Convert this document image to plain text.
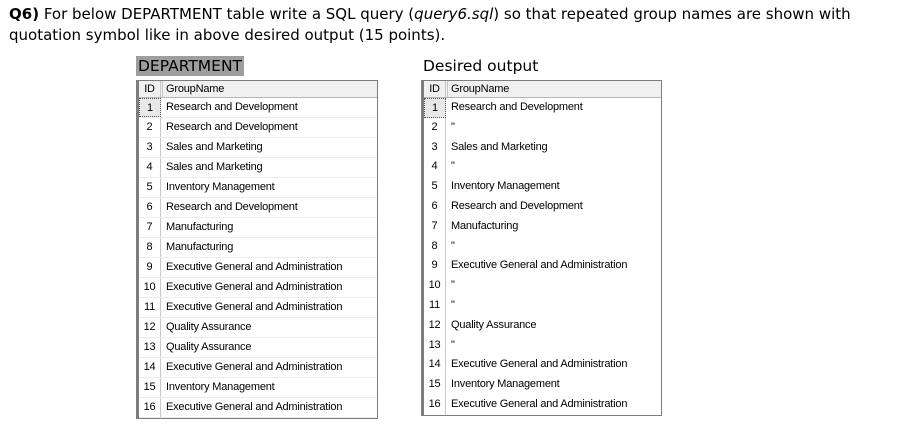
Q6) For below DEPARTMENT table write a SQL query (query6.sql) so that repeated group names are shown with quotation symbol like in above desired output (15 points).
DEPARTMENT	Desired output
ID	GroupName
1	Research and Development
2	Research and Development
3	Sales and Marketing
4	Sales and Marketing
5	Inventory Management
6	Research and Development
7	Manufacturing
8	Manufacturing
9	Executive General and Administration
10 Executive General and Administration
11 Executive General and Administration
12 Quality Assurance
13 Quality Assurance
14 Executive General and Administration
15 Inventory Management
16 Executive General and Administration
ID	GroupName
1	Research and Development
2	"
3	Sales and Marketing
4	"
5	Inventory Management
6	Research and Development
7	Manufacturing
8	"
9	Executive General and Administration
10 "
11 "
12 Quality Assurance
13 "
14 Executive General and Administration
15 Inventory Management
16 Executive General and Administration
